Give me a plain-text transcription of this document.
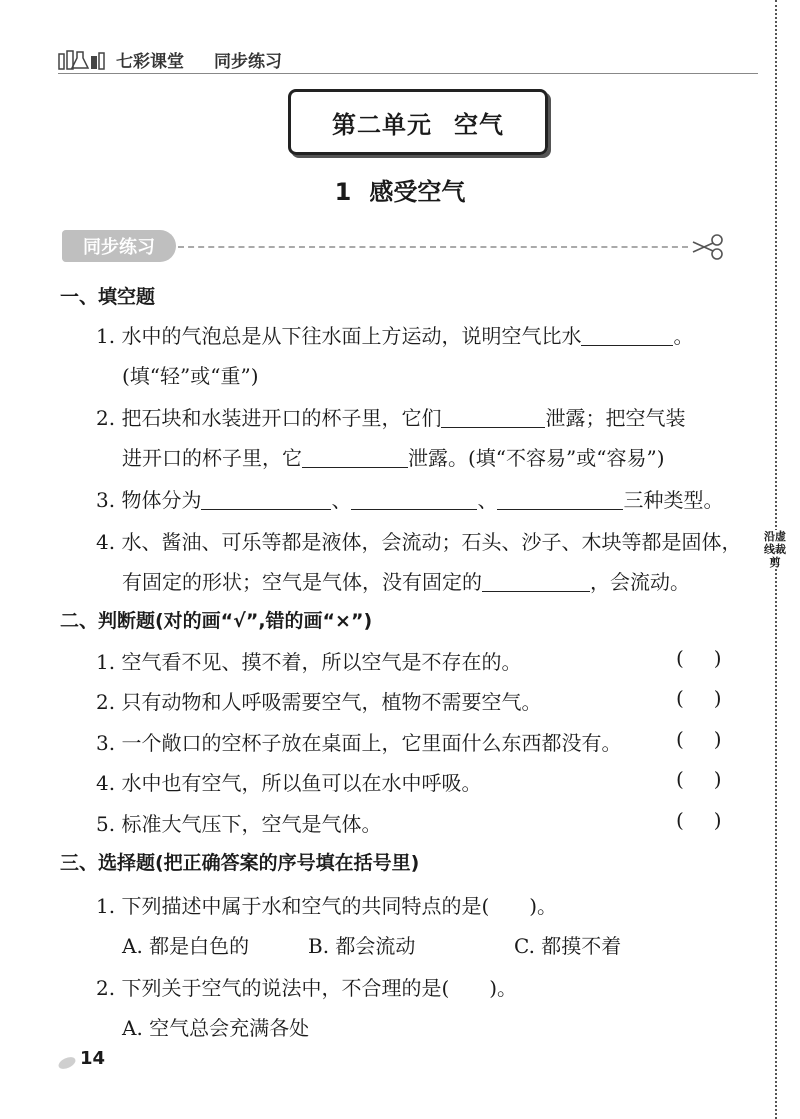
七彩课堂 同步练习
沿虚线裁剪
第二单元 空气
1 感受空气
同步练习
一、填空题
1. 水中的气泡总是从下往水面上方运动，说明空气比水	。
(填“轻”或“重”)
2. 把石块和水装进开口的杯子里，它们	泄露；把空气装
进开口的杯子里，它	泄露。(填“不容易”或“容易”)
3. 物体分为	、	、	三种类型。
4. 水、酱油、可乐等都是液体，会流动；石头、沙子、木块等都是固体，
有固定的形状；空气是气体，没有固定的	，会流动。
二、判断题(对的画“√”,错的画“×”)
1. 空气看不见、摸不着，所以空气是不存在的。	()
2. 只有动物和人呼吸需要空气，植物不需要空气。	()
3. 一个敞口的空杯子放在桌面上，它里面什么东西都没有。	()
4. 水中也有空气，所以鱼可以在水中呼吸。	()
5. 标准大气压下，空气是气体。	()
三、选择题(把正确答案的序号填在括号里)
1. 下列描述中属于水和空气的共同特点的是(　　)。
A. 都是白色的	B. 都会流动	C. 都摸不着
2. 下列关于空气的说法中，不合理的是(　　)。
A. 空气总会充满各处
14
